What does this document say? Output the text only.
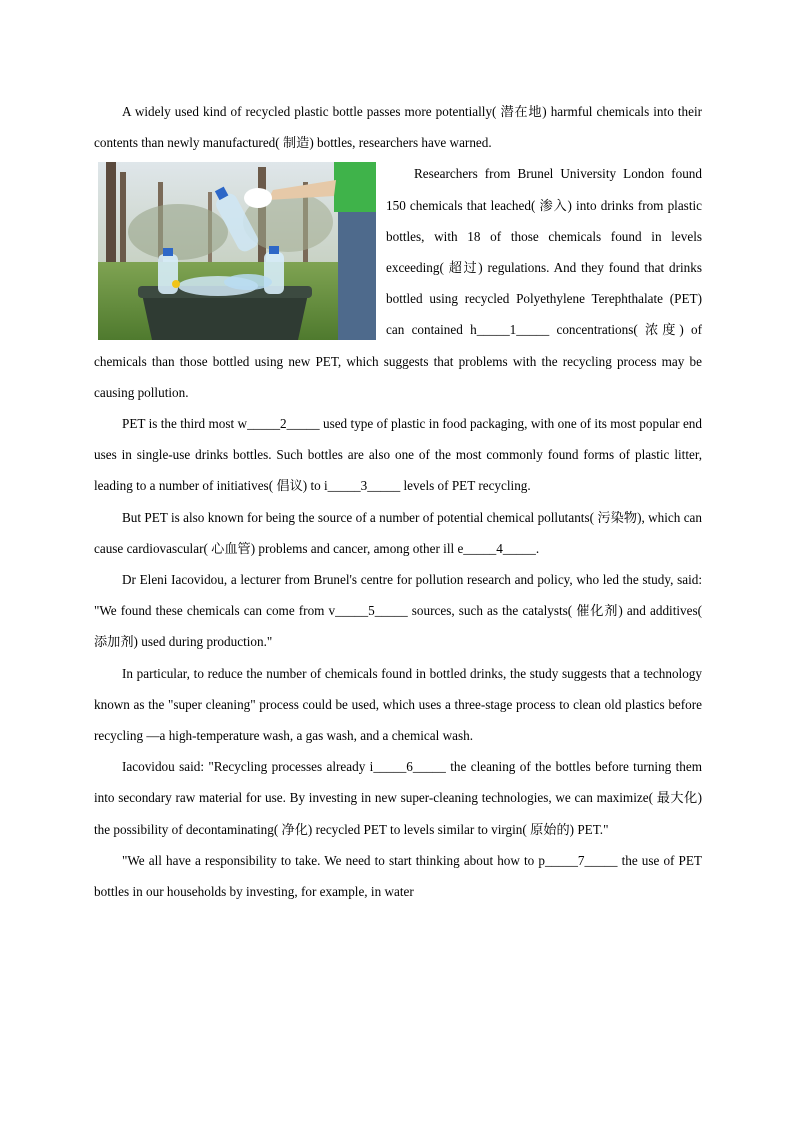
A widely used kind of recycled plastic bottle passes more potentially( 潜在地) harmful chemicals into their contents than newly manufactured( 制造) bottles, researchers have warned.

Researchers from Brunel University London found 150 chemicals that leached( 渗入) into drinks from plastic bottles, with 18 of those chemicals found in levels exceeding( 超过) regulations. And they found that drinks bottled using recycled Polyethylene Terephthalate (PET) can contained h_____1_____ concentrations( 浓度) of chemicals than those bottled using new PET, which suggests that problems with the recycling process may be causing pollution.

PET is the third most w_____2_____ used type of plastic in food packaging, with one of its most popular end uses in single-use drinks bottles. Such bottles are also one of the most commonly found forms of plastic litter, leading to a number of initiatives( 倡议) to i_____3_____ levels of PET recycling.

But PET is also known for being the source of a number of potential chemical pollutants( 污染物), which can cause cardiovascular( 心血管) problems and cancer, among other ill e_____4_____.

Dr Eleni Iacovidou, a lecturer from Brunel's centre for pollution research and policy, who led the study, said: "We found these chemicals can come from v_____5_____ sources, such as the catalysts( 催化剂) and additives( 添加剂) used during production."

In particular, to reduce the number of chemicals found in bottled drinks, the study suggests that a technology known as the "super cleaning" process could be used, which uses a three-stage process to clean old plastics before recycling —a high-temperature wash, a gas wash, and a chemical wash.

Iacovidou said: "Recycling processes already i_____6_____ the cleaning of the bottles before turning them into secondary raw material for use. By investing in new super-cleaning technologies, we can maximize( 最大化) the possibility of decontaminating( 净化) recycled PET to levels similar to virgin( 原始的) PET."

"We all have a responsibility to take. We need to start thinking about how to p_____7_____ the use of PET bottles in our households by investing, for example, in water
